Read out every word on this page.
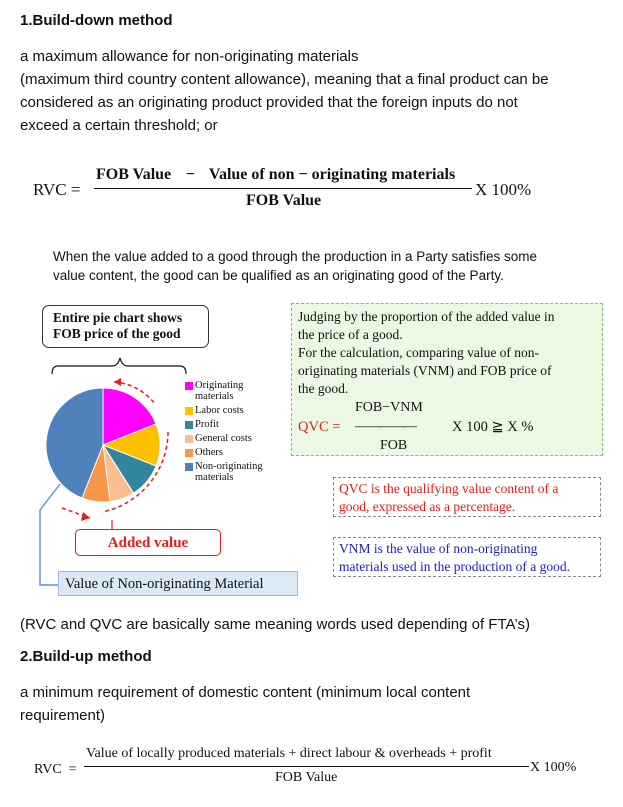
1.Build-down method
a maximum allowance for non-originating materials
(maximum third country content allowance), meaning that a final product can be
considered as an originating product provided that the foreign inputs do not
exceed a certain threshold; or
RVC =
FOB Value − Value of non − originating materials
FOB Value
X 100%
When the value added to a good through the production in a Party satisfies some
value content, the good can be qualified as an originating good of the Party.
Entire pie chart shows
FOB price of the good
Originating
materials
Labor costs
Profit
General costs
Others
Non-originating
materials
Added value
Value of Non-originating Material
Judging by the proportion of the added value in
the price of a good.
For the calculation, comparing value of non-
originating materials (VNM) and FOB price of
the good.
FOB−VNM
QVC = —————	X 100 ≧ X %
FOB
QVC is the qualifying value content of a
good, expressed as a percentage.
VNM is the value of non-originating
materials used in the production of a good.
(RVC and QVC are basically same meaning words used depending of FTA’s)
2.Build-up method
a minimum requirement of domestic content (minimum local content
requirement)
RVC =
Value of locally produced materials + direct labour & overheads + profit
FOB Value
X 100%
